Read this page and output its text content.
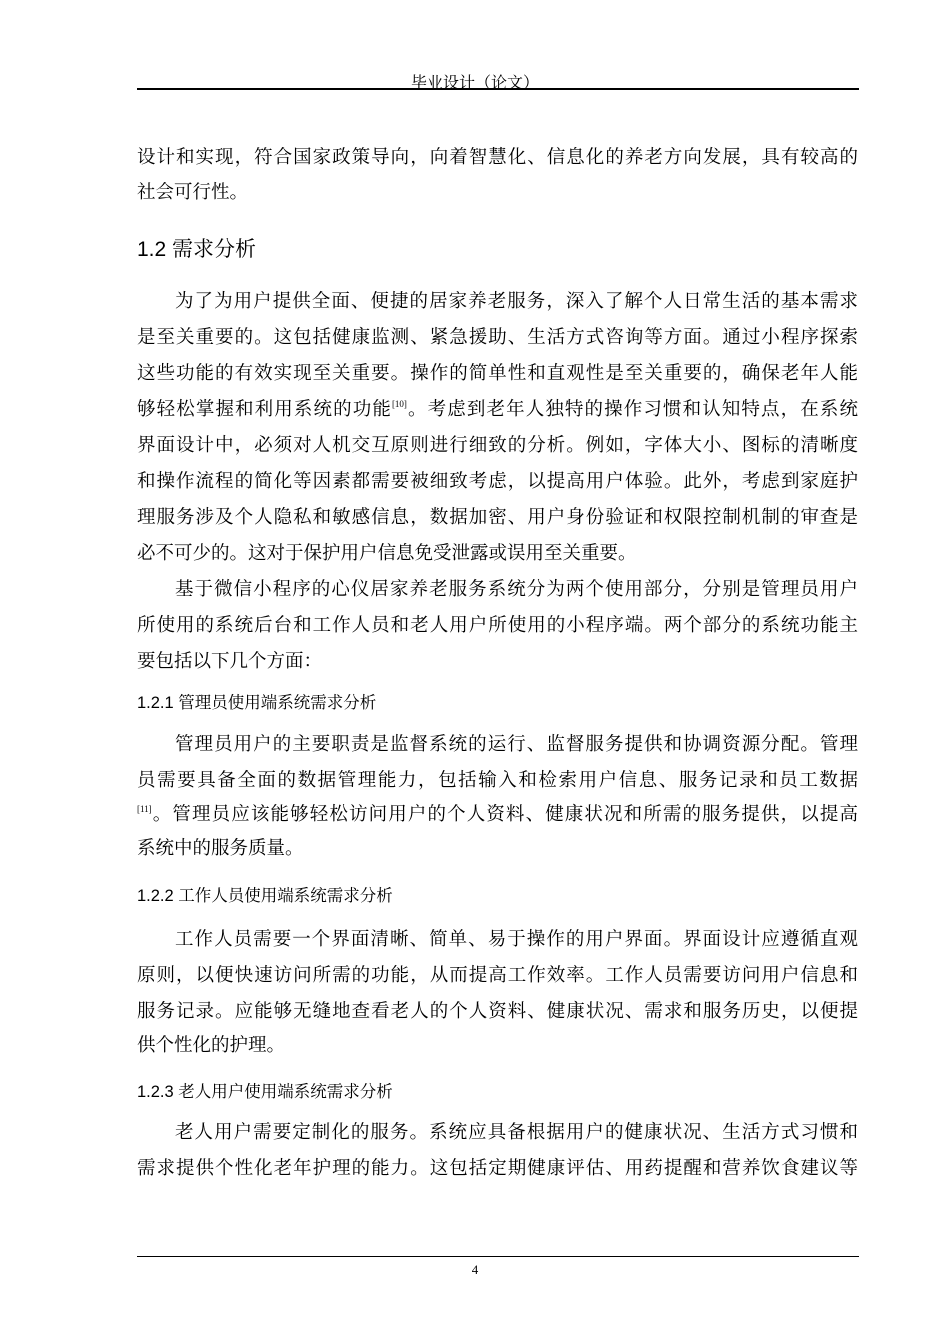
毕业设计（论文）
设计和实现，符合国家政策导向，向着智慧化、信息化的养老方向发展，具有较高的
社会可行性。
1.2 需求分析
为了为用户提供全面、便捷的居家养老服务，深入了解个人日常生活的基本需求
是至关重要的。这包括健康监测、紧急援助、生活方式咨询等方面。通过小程序探索
这些功能的有效实现至关重要。操作的简单性和直观性是至关重要的，确保老年人能
够轻松掌握和利用系统的功能[10]。考虑到老年人独特的操作习惯和认知特点，在系统
界面设计中，必须对人机交互原则进行细致的分析。例如，字体大小、图标的清晰度
和操作流程的简化等因素都需要被细致考虑，以提高用户体验。此外，考虑到家庭护
理服务涉及个人隐私和敏感信息，数据加密、用户身份验证和权限控制机制的审查是
必不可少的。这对于保护用户信息免受泄露或误用至关重要。
基于微信小程序的心仪居家养老服务系统分为两个使用部分，分别是管理员用户
所使用的系统后台和工作人员和老人用户所使用的小程序端。两个部分的系统功能主
要包括以下几个方面：
1.2.1 管理员使用端系统需求分析
管理员用户的主要职责是监督系统的运行、监督服务提供和协调资源分配。管理
员需要具备全面的数据管理能力，包括输入和检索用户信息、服务记录和员工数据
[11]。管理员应该能够轻松访问用户的个人资料、健康状况和所需的服务提供，以提高
系统中的服务质量。
1.2.2 工作人员使用端系统需求分析
工作人员需要一个界面清晰、简单、易于操作的用户界面。界面设计应遵循直观
原则，以便快速访问所需的功能，从而提高工作效率。工作人员需要访问用户信息和
服务记录。应能够无缝地查看老人的个人资料、健康状况、需求和服务历史，以便提
供个性化的护理。
1.2.3 老人用户使用端系统需求分析
老人用户需要定制化的服务。系统应具备根据用户的健康状况、生活方式习惯和
需求提供个性化老年护理的能力。这包括定期健康评估、用药提醒和营养饮食建议等
4
